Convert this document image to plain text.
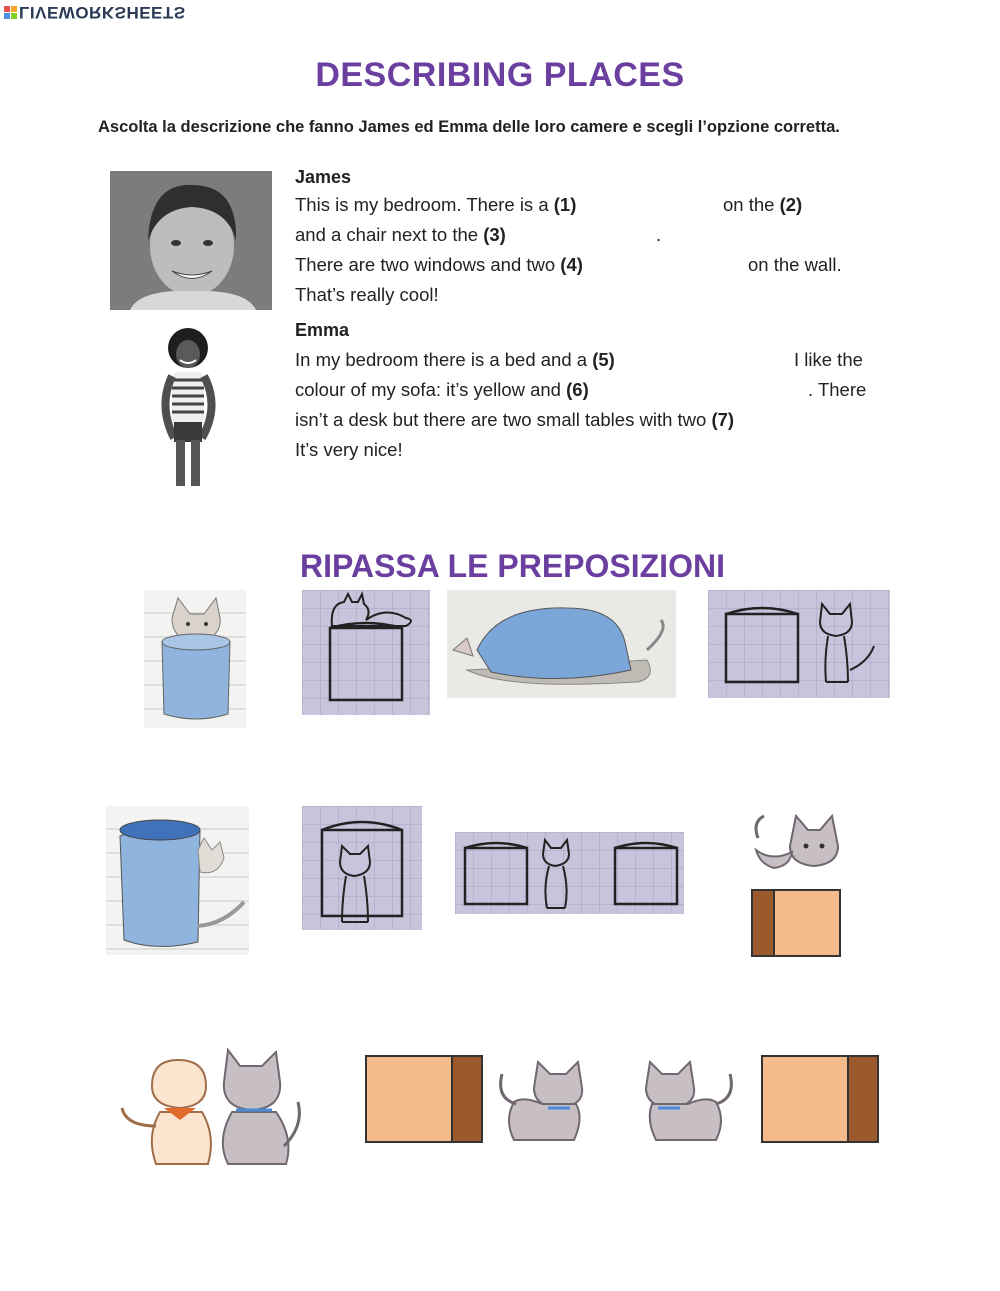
LIVEWORKSHEETS
DESCRIBING PLACES
Ascolta la descrizione che fanno James ed Emma delle loro camere e scegli l’opzione corretta.
James
This is my bedroom. There is a (1)	on the (2)
and a chair next to the (3)	.
There are two windows and two (4)	on the wall.
That’s really cool!
Emma
In my bedroom there is a bed and a (5)	I like the
colour of my sofa: it’s yellow and (6)	. There
isn’t a desk but there are two small tables with two (7)
It’s very nice!
RIPASSA LE PREPOSIZIONI
